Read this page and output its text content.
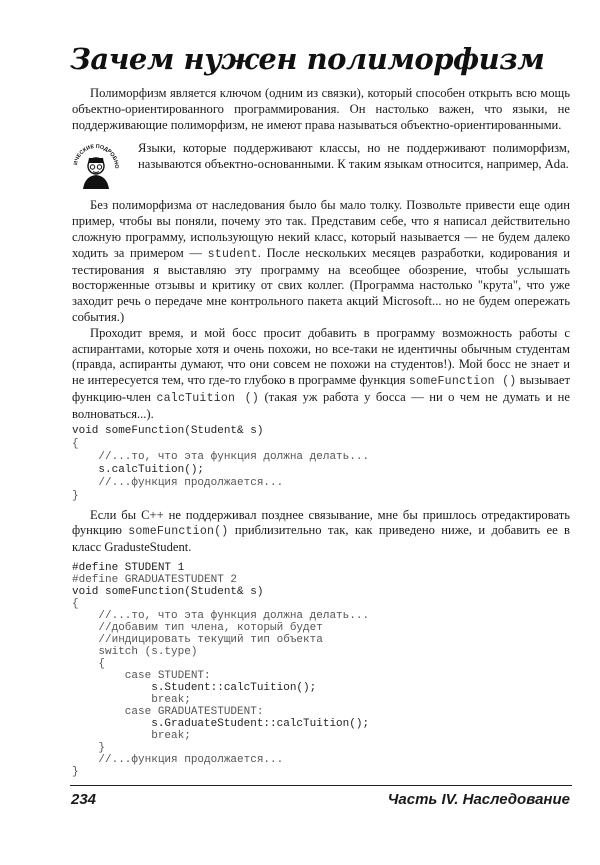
Зачем нужен полиморфизм

Полиморфизм является ключом (одним из связки), который способен открыть всю мощь объектно-ориентированного программирования. Он настолько важен, что языки, не поддерживающие полиморфизм, не имеют права называться объектно-ориентированными.

ИЧЕСКИЕ ПОДРОБНО

Языки, которые поддерживают классы, но не поддерживают полиморфизм, называются объектно-основанными. К таким языкам относится, например, Ada.

Без полиморфизма от наследования было бы мало толку. Позвольте привести еще один пример, чтобы вы поняли, почему это так. Представим себе, что я написал действительно сложную программу, использующую некий класс, который называется — не будем далеко ходить за примером — student. После нескольких месяцев разработки, кодирования и тестирования я выставляю эту программу на всеобщее обозрение, чтобы услышать восторженные отзывы и критику от свих коллег. (Программа настолько "крута", что уже заходит речь о передаче мне контрольного пакета акций Microsoft... но не будем опережать события.)

Проходит время, и мой босс просит добавить в программу возможность работы с аспирантами, которые хотя и очень похожи, но все-таки не идентичны обычным студентам (правда, аспиранты думают, что они совсем не похожи на студентов!). Мой босс не знает и не интересуется тем, что где-то глубоко в программе функция someFunction () вызывает функцию-член calcTuition () (такая уж работа у босса — ни о чем не думать и не волноваться...).

void someFunction(Student& s)
{
//...то, что эта функция должна делать...
s.calcTuition();
//...функция продолжается...
}

Если бы C++ не поддерживал позднее связывание, мне бы пришлось отредактировать функцию someFunction() приблизительно так, как приведено ниже, и добавить ее в класс GradusteStudent.

#define STUDENT 1
#define GRADUATESTUDENT 2
void someFunction(Student& s)
{
//...то, что эта функция должна делать...
//добавим тип члена, который будет
//индицировать текущий тип объекта
switch (s.type)
{
case STUDENT:
s.Student::calcTuition();
break;
case GRADUATESTUDENT:
s.GraduateStudent::calcTuition();
break;
}
//...функция продолжается...
}
234	Часть IV. Наследование
